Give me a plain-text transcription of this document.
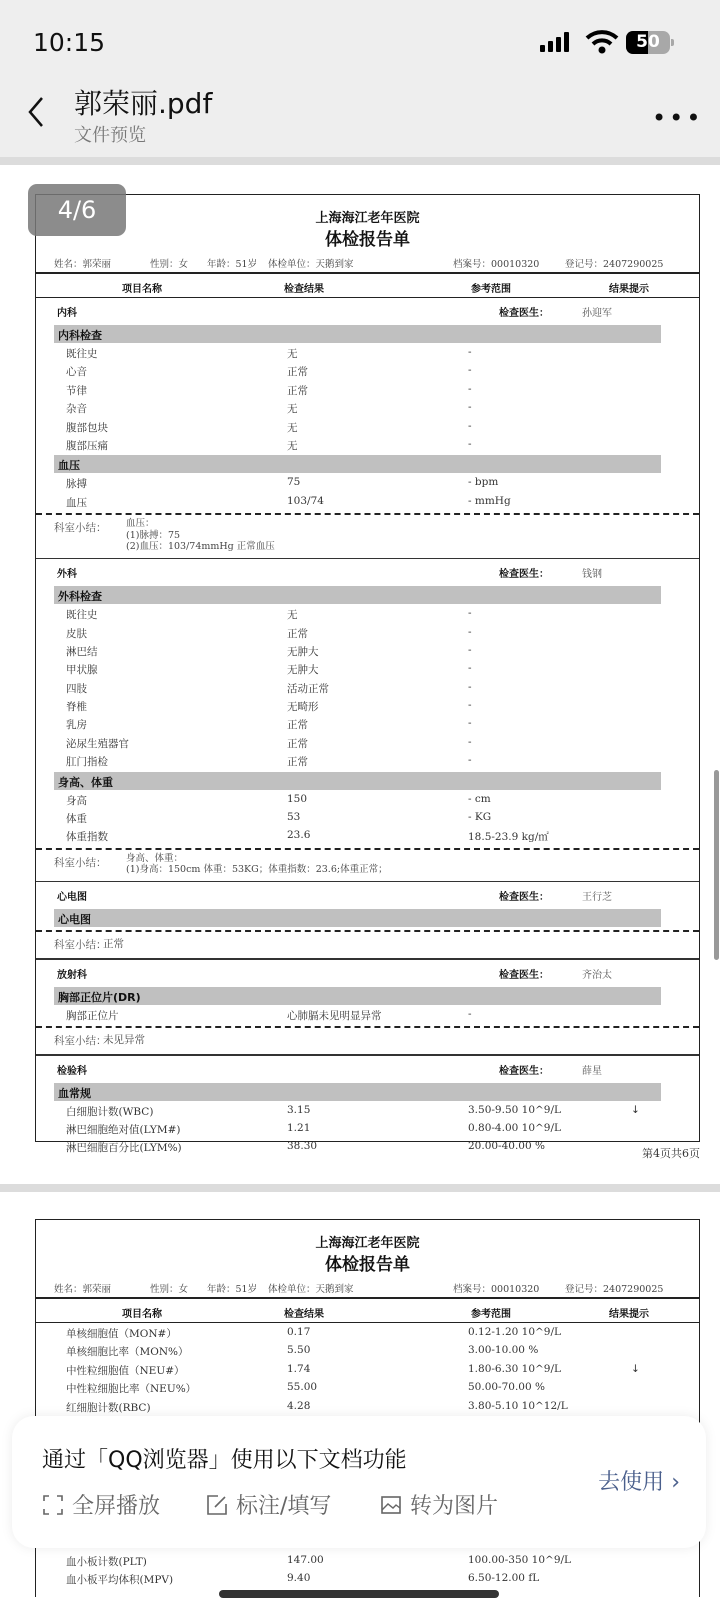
10:15	50
郭荣丽.pdf
文件预览
•••
4/6	上海海江老年医院
体检报告单
姓名：郭荣丽	性别：女 年龄：51岁 体检单位：天鹅到家	档案号：00010320	登记号：2407290025
项目名称	检查结果	参考范围	结果提示
内科	检查医生：	孙迎军
内科检查
既往史	无	-
心音	正常	-
节律	正常	-
杂音	无	-
腹部包块	无	-
腹部压痛	无	-
血压
脉搏	75	- bpm
血压	103/74	- mmHg
科室小结：	血压：
(1)脉搏：75
(2)血压：103/74mmHg 正常血压
外科	检查医生：	钱钢
外科检查
既往史	无	-
皮肤	正常	-
淋巴结	无肿大	-
甲状腺	无肿大	-
四肢	活动正常	-
脊椎	无畸形	-
乳房	正常	-
泌尿生殖器官	正常	-
肛门指检	正常	-
身高、体重
身高	150	- cm
体重	53	- KG
体重指数	23.6	18.5-23.9 kg/㎡
科室小结：	身高、体重：
(1)身高：150cm 体重：53KG；体重指数：23.6;体重正常；
心电图	检查医生：	王行芝
心电图
科室小结：
正常
放射科	检查医生：	齐治太
胸部正位片(DR)
胸部正位片	心肺膈未见明显异常	-
科室小结：
未见异常
检验科	检查医生：	薛星
血常规
白细胞计数(WBC)	3.15	3.50-9.50 10^9/L	↓
淋巴细胞绝对值(LYM#)	1.21	0.80-4.00 10^9/L
淋巴细胞百分比(LYM%)	38.30	20.00-40.00 %
第4页共6页
上海海江老年医院
体检报告单
姓名：郭荣丽	性别：女 年龄：51岁 体检单位：天鹅到家	档案号：00010320	登记号：2407290025
项目名称	检查结果	参考范围	结果提示
单核细胞值（MON#）	0.17	0.12-1.20 10^9/L
单核细胞比率（MON%）	5.50	3.00-10.00 %
中性粒细胞值（NEU#）	1.74	1.80-6.30 10^9/L	↓
中性粒细胞比率（NEU%）	55.00	50.00-70.00 %
红细胞计数(RBC)	4.28	3.80-5.10 10^12/L
血小板计数(PLT)	147.00	100.00-350 10^9/L
血小板平均体积(MPV)	9.40	6.50-12.00 fL
通过「QQ浏览器」使用以下文档功能
全屏播放	标注/填写	转为图片
去使用 ›
